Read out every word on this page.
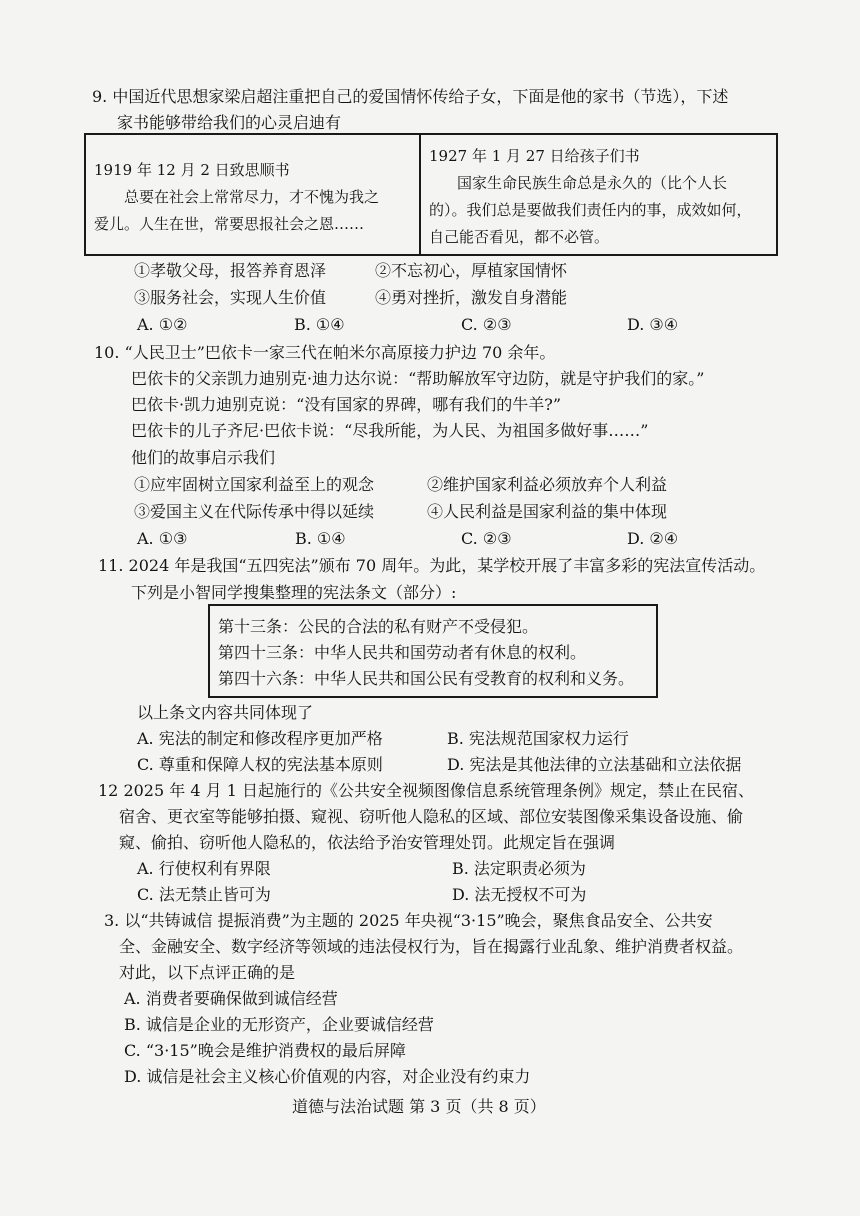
9. 中国近代思想家梁启超注重把自己的爱国情怀传给子女，下面是他的家书（节选），下述
家书能够带给我们的心灵启迪有
1919 年 12 月 2 日致思顺书
总要在社会上常常尽力，才不愧为我之
爱儿。人生在世，常要思报社会之恩……
1927 年 1 月 27 日给孩子们书
国家生命民族生命总是永久的（比个人长
的）。我们总是要做我们责任内的事，成效如何，
自己能否看见，都不必管。
①孝敬父母，报答养育恩泽	②不忘初心，厚植家国情怀
③服务社会，实现人生价值	④勇对挫折，激发自身潜能
A. ①②	B. ①④	C. ②③	D. ③④
10. “人民卫士”巴依卡一家三代在帕米尔高原接力护边 70 余年。
巴依卡的父亲凯力迪别克·迪力达尔说：“帮助解放军守边防，就是守护我们的家。”
巴依卡·凯力迪别克说：“没有国家的界碑，哪有我们的牛羊?”
巴依卡的儿子齐尼·巴依卡说：“尽我所能，为人民、为祖国多做好事……”
他们的故事启示我们
①应牢固树立国家利益至上的观念	②维护国家利益必须放弃个人利益
③爱国主义在代际传承中得以延续	④人民利益是国家利益的集中体现
A. ①③	B. ①④	C. ②③	D. ②④
11. 2024 年是我国“五四宪法”颁布 70 周年。为此，某学校开展了丰富多彩的宪法宣传活动。
下列是小智同学搜集整理的宪法条文（部分）:
第十三条：公民的合法的私有财产不受侵犯。
第四十三条：中华人民共和国劳动者有休息的权利。
第四十六条：中华人民共和国公民有受教育的权利和义务。
以上条文内容共同体现了
A. 宪法的制定和修改程序更加严格	B. 宪法规范国家权力运行
C. 尊重和保障人权的宪法基本原则	D. 宪法是其他法律的立法基础和立法依据
12 2025 年 4 月 1 日起施行的《公共安全视频图像信息系统管理条例》规定，禁止在民宿、
宿舍、更衣室等能够拍摄、窥视、窃听他人隐私的区域、部位安装图像采集设备设施、偷
窥、偷拍、窃听他人隐私的，依法给予治安管理处罚。此规定旨在强调
A. 行使权利有界限	B. 法定职责必须为
C. 法无禁止皆可为	D. 法无授权不可为
3. 以“共铸诚信 提振消费”为主题的 2025 年央视“3·15”晚会，聚焦食品安全、公共安
全、金融安全、数字经济等领域的违法侵权行为，旨在揭露行业乱象、维护消费者权益。
对此，以下点评正确的是
A. 消费者要确保做到诚信经营
B. 诚信是企业的无形资产，企业要诚信经营
C. “3·15”晚会是维护消费权的最后屏障
D. 诚信是社会主义核心价值观的内容，对企业没有约束力
道德与法治试题 第 3 页（共 8 页）
